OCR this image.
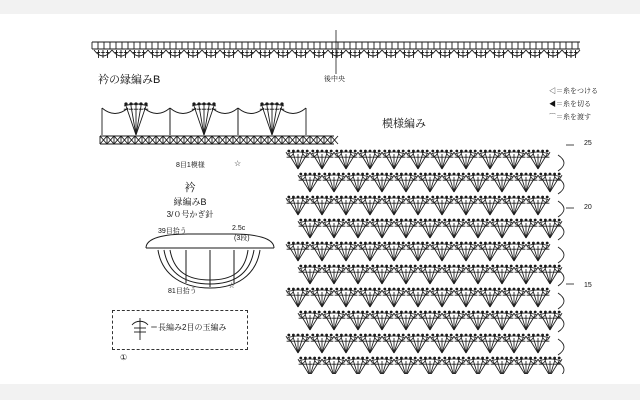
衿の縁編みB
8目1模様	☆
後中央
◁＝糸をつける
◀＝糸を切る
⌒＝糸を渡す
衿
縁編みB
3/０号かぎ針
39目拾う	2.5c
(3段)
81目拾う
☆
＝長編み2目の玉編み
①
模様編み
25
20
15
